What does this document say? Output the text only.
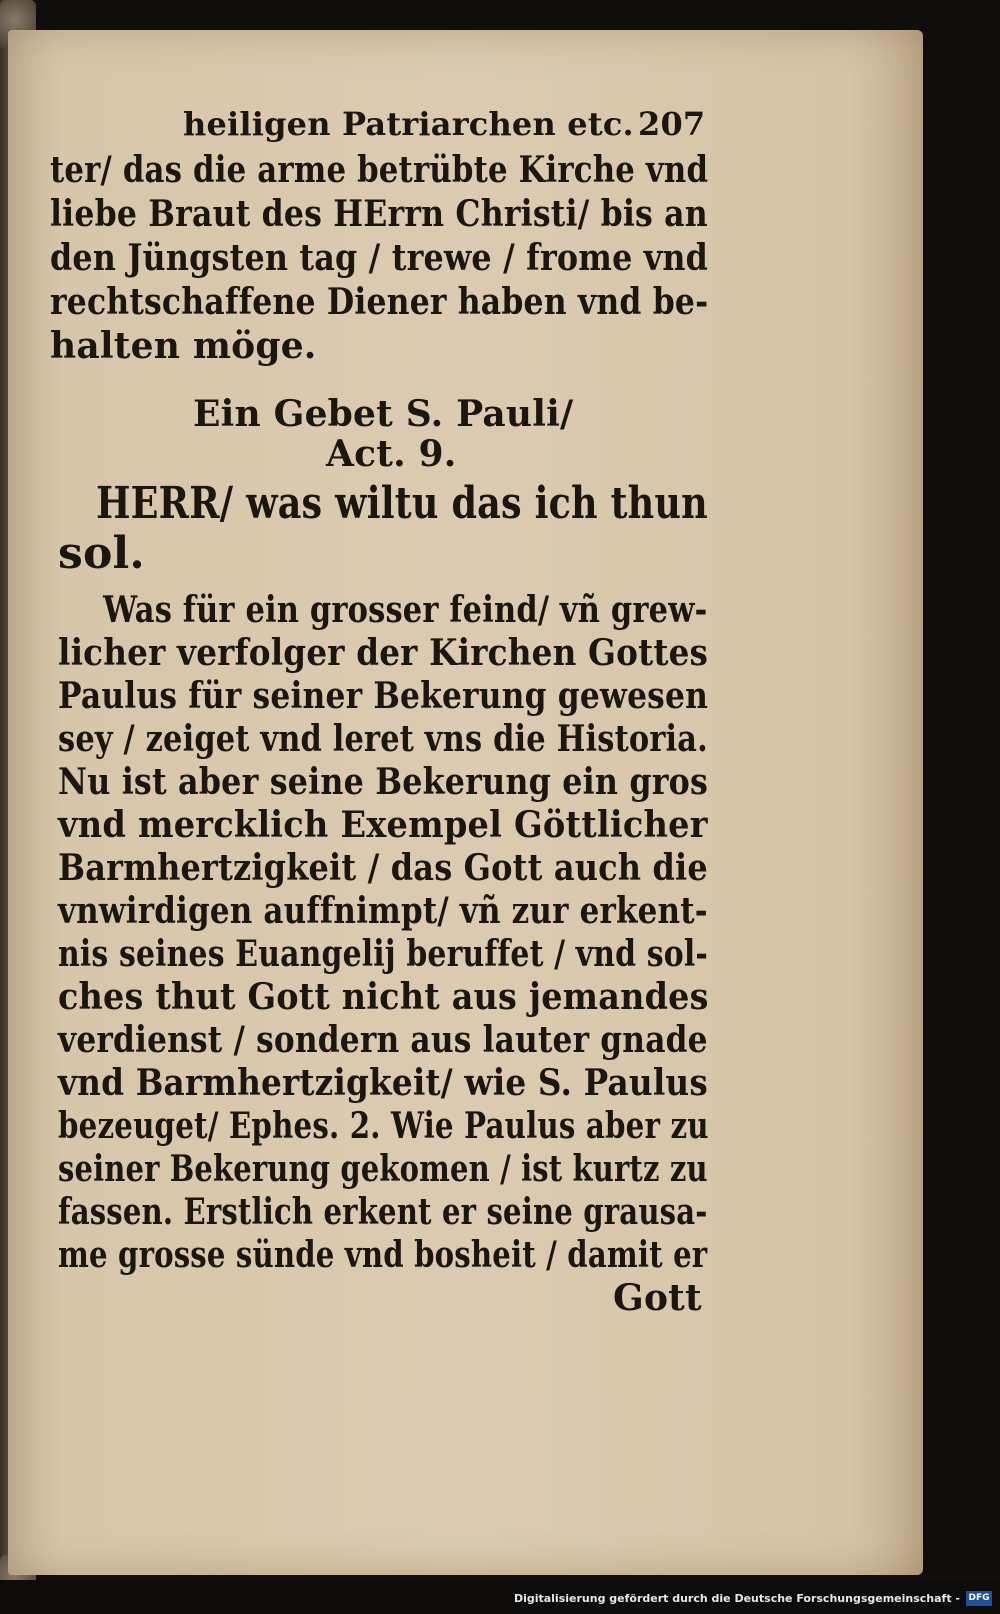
heiligen Patriarchen etc. 207
ter/ das die arme betrübte Kirche vnd
liebe Braut des HErrn Christi/ bis an
den Jüngsten tag / trewe / frome vnd
rechtschaffene Diener haben vnd be-
halten möge.
Ein Gebet S. Pauli/
Act. 9.
HERR/ was wiltu das ich thun
sol.
Was für ein grosser feind/ vñ grew-
licher verfolger der Kirchen Gottes
Paulus für seiner Bekerung gewesen
sey / zeiget vnd leret vns die Historia.
Nu ist aber seine Bekerung ein gros
vnd mercklich Exempel Göttlicher
Barmhertzigkeit / das Gott auch die
vnwirdigen auffnimpt/ vñ zur erkent-
nis seines Euangelij beruffet / vnd sol-
ches thut Gott nicht aus jemandes
verdienst / sondern aus lauter gnade
vnd Barmhertzigkeit/ wie S. Paulus
bezeuget/ Ephes. 2. Wie Paulus aber zu
seiner Bekerung gekomen / ist kurtz zu
fassen. Erstlich erkent er seine grausa-
me grosse sünde vnd bosheit / damit er
Gott
Digitalisierung gefördert durch die Deutsche Forschungsgemeinschaft - DFG
